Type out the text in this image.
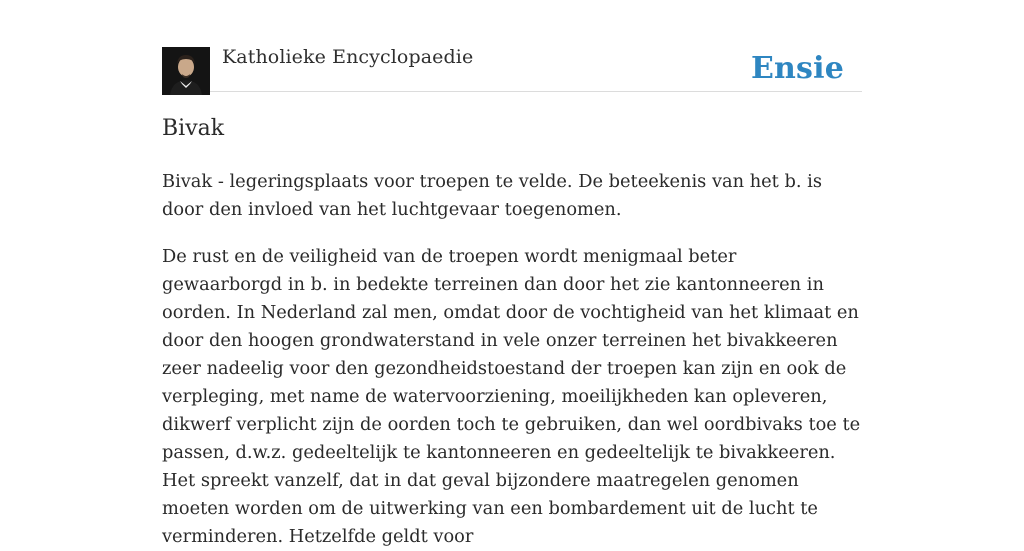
Katholieke Encyclopaedie	Ensie
Bivak

Bivak - legeringsplaats voor troepen te velde. De beteekenis van het b. is door den invloed van het luchtgevaar toegenomen.

De rust en de veiligheid van de troepen wordt menigmaal beter gewaarborgd in b. in bedekte terreinen dan door het zie kantonneeren in oorden. In Nederland zal men, omdat door de vochtigheid van het klimaat en door den hoogen grondwaterstand in vele onzer terreinen het bivakkeeren zeer nadeelig voor den gezondheidstoestand der troepen kan zijn en ook de verpleging, met name de watervoorziening, moeilijkheden kan opleveren, dikwerf verplicht zijn de oorden toch te gebruiken, dan wel oordbivaks toe te passen, d.w.z. gedeeltelijk te kantonneeren en gedeeltelijk te bivakkeeren. Het spreekt vanzelf, dat in dat geval bijzondere maatregelen genomen moeten worden om de uitwerking van een bombardement uit de lucht te verminderen. Hetzelfde geldt voor
